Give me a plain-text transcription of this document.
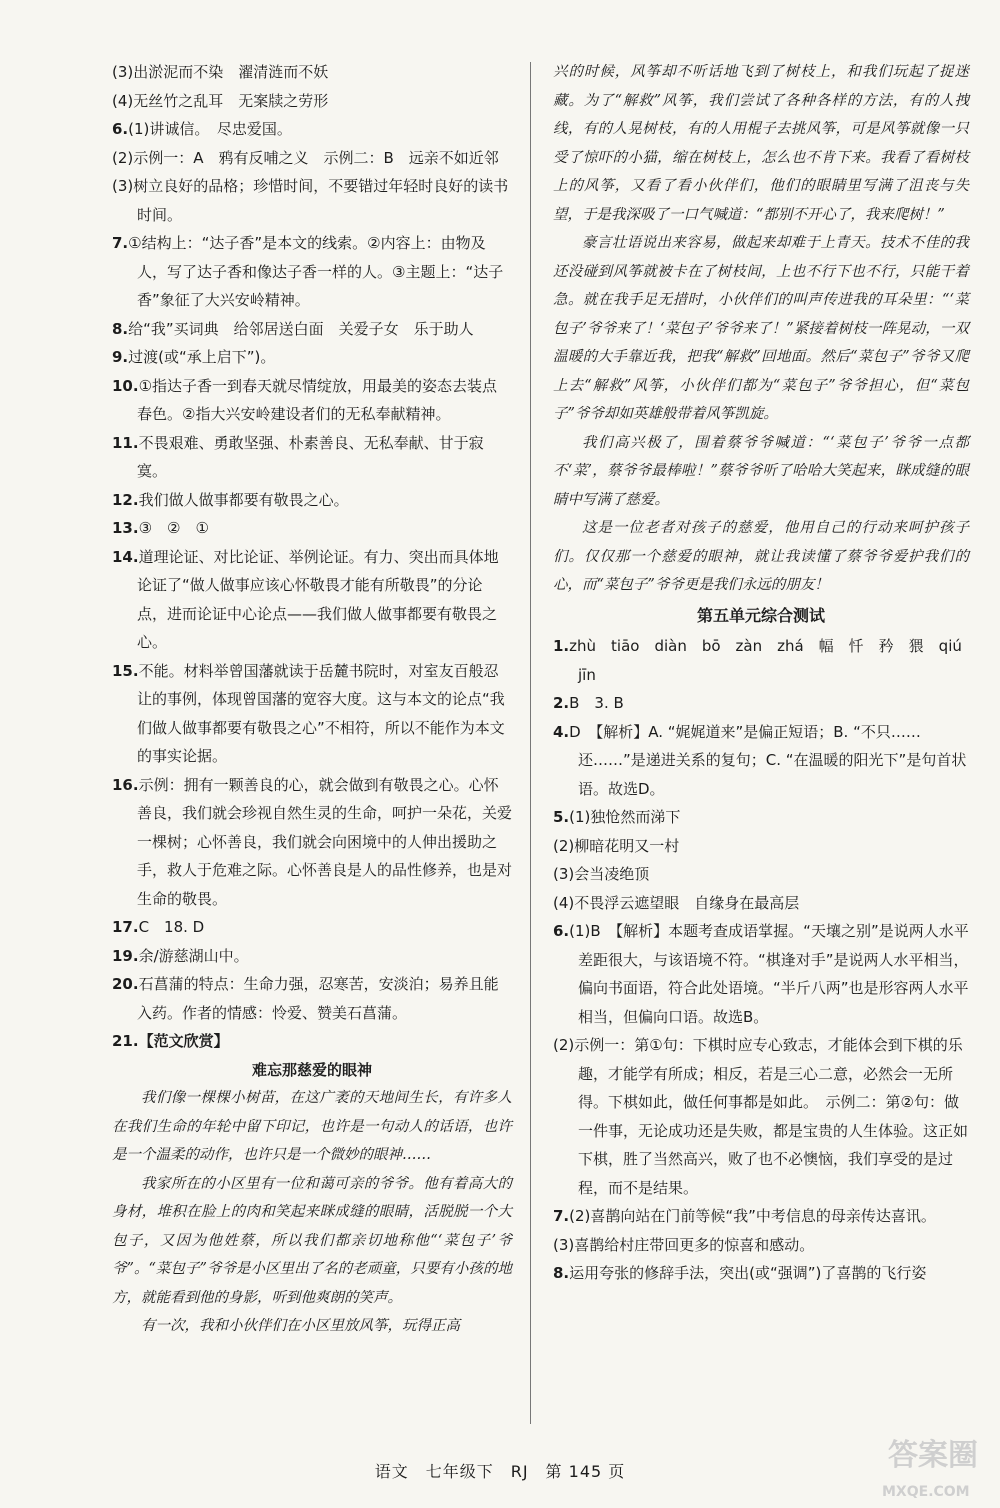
(3)出淤泥而不染　濯清涟而不妖

(4)无丝竹之乱耳　无案牍之劳形

6.(1)讲诚信。　尽忠爱国。

(2)示例一：A　鸦有反哺之义　示例二：B　远亲不如近邻

(3)树立良好的品格；珍惜时间，不要错过年轻时良好的读书时间。

7.①结构上：“达子香”是本文的线索。②内容上：由物及人，写了达子香和像达子香一样的人。③主题上：“达子香”象征了大兴安岭精神。

8.给“我”买词典　给邻居送白面　关爱子女　乐于助人

9.过渡(或“承上启下”)。

10.①指达子香一到春天就尽情绽放，用最美的姿态去装点春色。②指大兴安岭建设者们的无私奉献精神。

11.不畏艰难、勇敢坚强、朴素善良、无私奉献、甘于寂寞。

12.我们做人做事都要有敬畏之心。

13.③　②　①

14.道理论证、对比论证、举例论证。有力、突出而具体地论证了“做人做事应该心怀敬畏才能有所敬畏”的分论点，进而论证中心论点——我们做人做事都要有敬畏之心。

15.不能。材料举曾国藩就读于岳麓书院时，对室友百般忍让的事例，体现曾国藩的宽容大度。这与本文的论点“我们做人做事都要有敬畏之心”不相符，所以不能作为本文的事实论据。

16.示例：拥有一颗善良的心，就会做到有敬畏之心。心怀善良，我们就会珍视自然生灵的生命，呵护一朵花，关爱一棵树；心怀善良，我们就会向困境中的人伸出援助之手，救人于危难之际。心怀善良是人的品性修养，也是对生命的敬畏。

17.C　18. D

19.余/游慈湖山中。

20.石菖蒲的特点：生命力强，忍寒苦，安淡泊；易养且能入药。作者的情感：怜爱、赞美石菖蒲。

21.【范文欣赏】

难忘那慈爱的眼神

我们像一棵棵小树苗，在这广袤的天地间生长，有许多人在我们生命的年轮中留下印记，也许是一句动人的话语，也许是一个温柔的动作，也许只是一个微妙的眼神……

我家所在的小区里有一位和蔼可亲的爷爷。他有着高大的身材，堆积在脸上的肉和笑起来眯成缝的眼睛，活脱脱一个大包子，又因为他姓蔡，所以我们都亲切地称他“‘菜包子’爷爷”。“菜包子”爷爷是小区里出了名的老顽童，只要有小孩的地方，就能看到他的身影，听到他爽朗的笑声。

有一次，我和小伙伴们在小区里放风筝，玩得正高

兴的时候，风筝却不听话地飞到了树枝上，和我们玩起了捉迷藏。为了“解救”风筝，我们尝试了各种各样的方法，有的人拽线，有的人晃树枝，有的人用棍子去挑风筝，可是风筝就像一只受了惊吓的小猫，缩在树枝上，怎么也不肯下来。我看了看树枝上的风筝，又看了看小伙伴们，他们的眼睛里写满了沮丧与失望，于是我深吸了一口气喊道：“都别不开心了，我来爬树！”

豪言壮语说出来容易，做起来却难于上青天。技术不佳的我还没碰到风筝就被卡在了树枝间，上也不行下也不行，只能干着急。就在我手足无措时，小伙伴们的叫声传进我的耳朵里：“‘菜包子’爷爷来了！‘菜包子’爷爷来了！”紧接着树枝一阵晃动，一双温暖的大手靠近我，把我“解救”回地面。然后“菜包子”爷爷又爬上去“解救”风筝，小伙伴们都为“菜包子”爷爷担心，但“菜包子”爷爷却如英雄般带着风筝凯旋。

我们高兴极了，围着蔡爷爷喊道：“‘菜包子’爷爷一点都不‘菜’，蔡爷爷最棒啦！”蔡爷爷听了哈哈大笑起来，眯成缝的眼睛中写满了慈爱。

这是一位老者对孩子的慈爱，他用自己的行动来呵护孩子们。仅仅那一个慈爱的眼神，就让我读懂了蔡爷爷爱护我们的心，而“菜包子”爷爷更是我们永远的朋友！

第五单元综合测试

1.zhù　tiāo　diàn　bō　zàn　zhá　幅　忏　矜　猥　qiú　jīn

2.B　3. B

4.D　【解析】A. “娓娓道来”是偏正短语；B. “不只……还……”是递进关系的复句；C. “在温暖的阳光下”是句首状语。故选D。

5.(1)独怆然而涕下

(2)柳暗花明又一村

(3)会当凌绝顶

(4)不畏浮云遮望眼　自缘身在最高层

6.(1)B　【解析】本题考查成语掌握。“天壤之别”是说两人水平差距很大，与该语境不符。“棋逢对手”是说两人水平相当，偏向书面语，符合此处语境。“半斤八两”也是形容两人水平相当，但偏向口语。故选B。

(2)示例一：第①句：下棋时应专心致志，才能体会到下棋的乐趣，才能学有所成；相反，若是三心二意，必然会一无所得。下棋如此，做任何事都是如此。　示例二：第②句：做一件事，无论成功还是失败，都是宝贵的人生体验。这正如下棋，胜了当然高兴，败了也不必懊恼，我们享受的是过程，而不是结果。

7.(2)喜鹊向站在门前等候“我”中考信息的母亲传达喜讯。

(3)喜鹊给村庄带回更多的惊喜和感动。

8.运用夸张的修辞手法，突出(或“强调”)了喜鹊的飞行姿

语文　七年级下　RJ　第 145 页	答案圈
MXQE.COM
